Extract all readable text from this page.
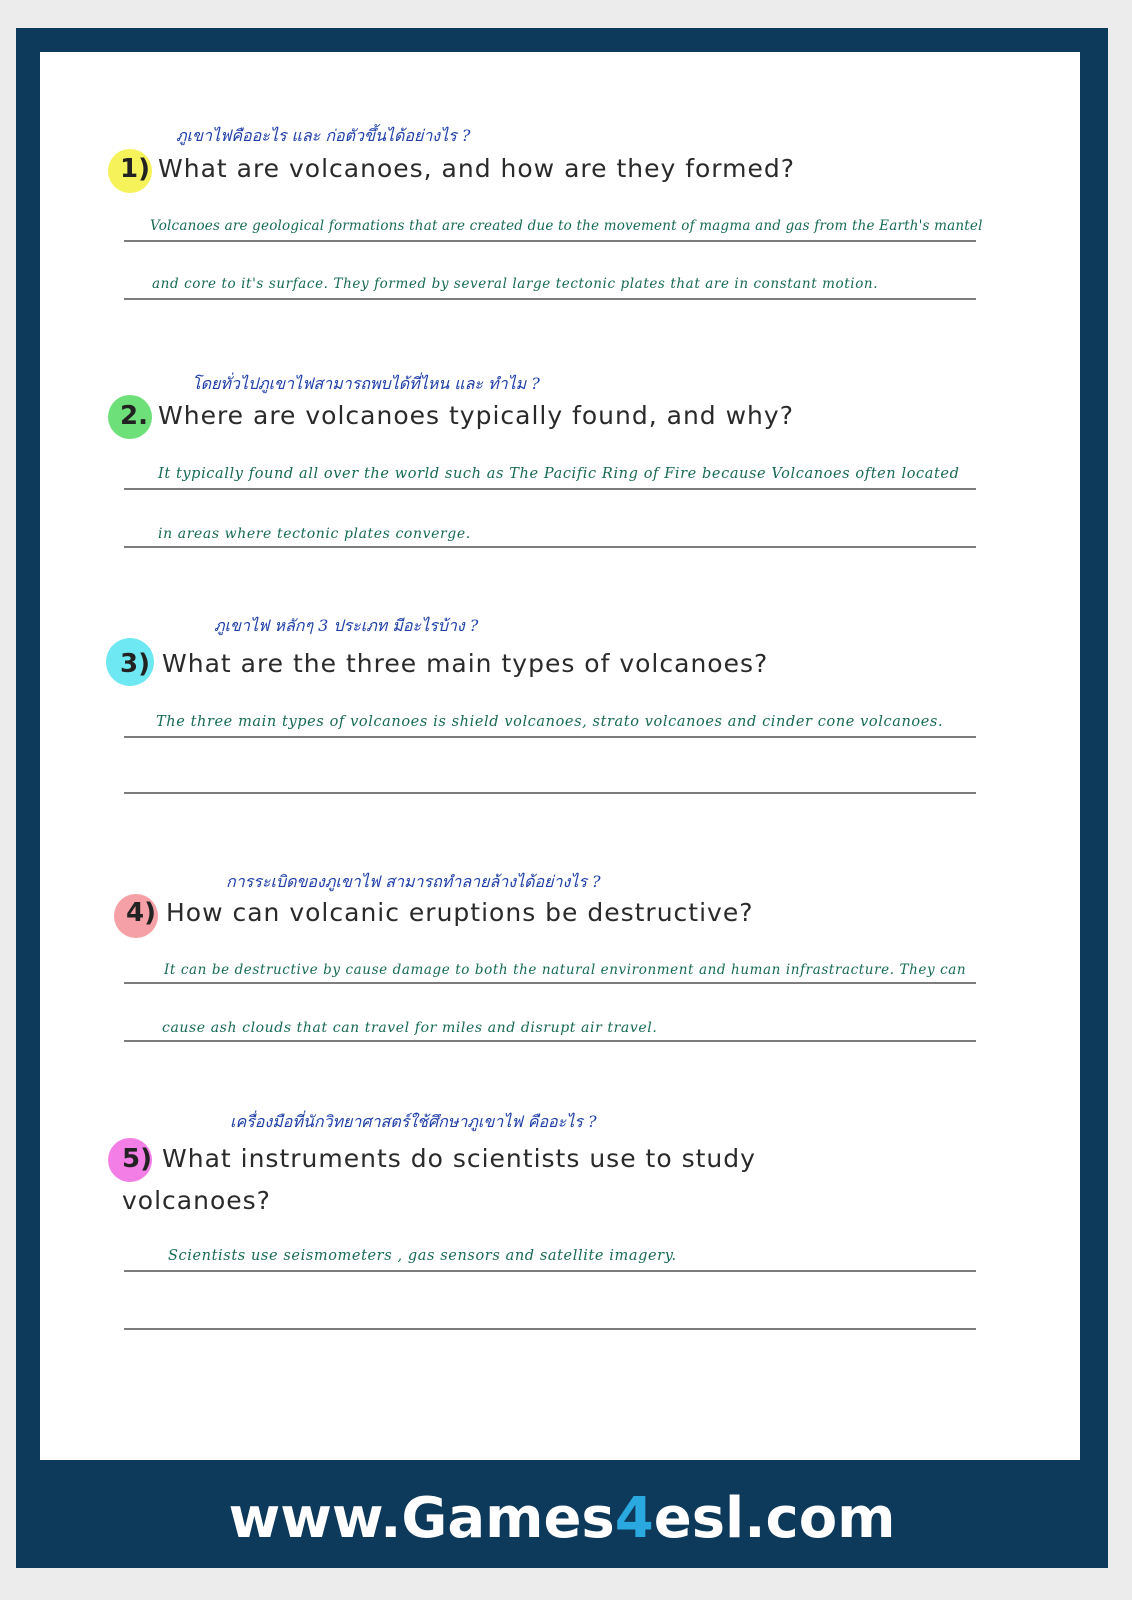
ภูเขาไฟคืออะไร และ ก่อตัวขึ้นได้อย่างไร ?
1) What are volcanoes, and how are they formed?
Volcanoes are geological formations that are created due to the movement of magma and gas from the Earth's mantel
and core to it's surface. They formed by several large tectonic plates that are in constant motion.
โดยทั่วไปภูเขาไฟสามารถพบได้ที่ไหน และ ทำไม ?
2. Where are volcanoes typically found, and why?
It typically found all over the world such as The Pacific Ring of Fire because Volcanoes often located
in areas where tectonic plates converge.
ภูเขาไฟ หลักๆ 3 ประเภท มีอะไรบ้าง ?
3) What are the three main types of volcanoes?
The three main types of volcanoes is shield volcanoes, strato volcanoes and cinder cone volcanoes.
การระเบิดของภูเขาไฟ สามารถทำลายล้างได้อย่างไร ?
4) How can volcanic eruptions be destructive?
It can be destructive by cause damage to both the natural environment and human infrastracture. They can
cause ash clouds that can travel for miles and disrupt air travel.
เครื่องมือที่นักวิทยาศาสตร์ใช้ศึกษาภูเขาไฟ คืออะไร ?
5) What instruments do scientists use to study
volcanoes?
Scientists use seismometers , gas sensors and satellite imagery.
www.Games 4 esl.com
